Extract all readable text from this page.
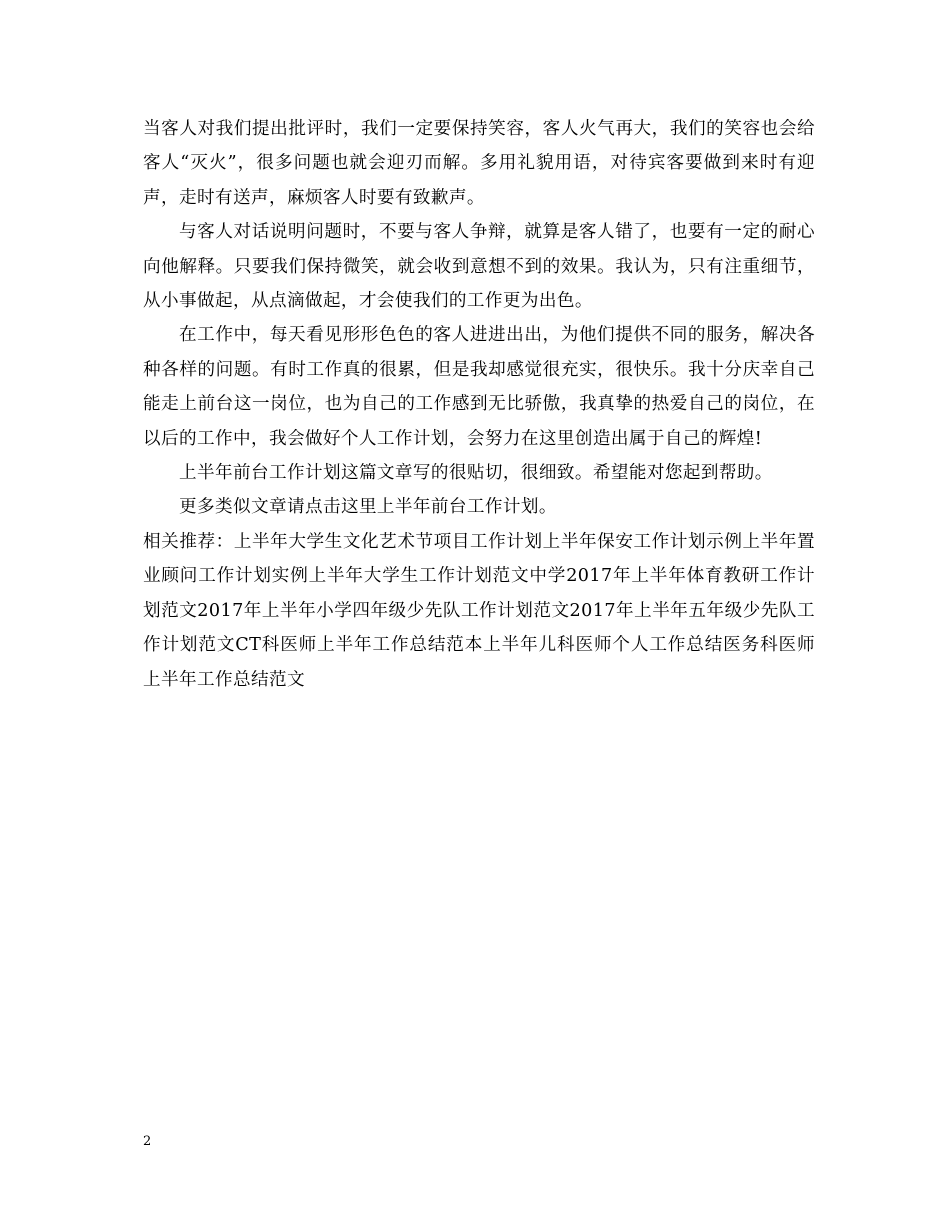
当客人对我们提出批评时，我们一定要保持笑容，客人火气再大，我们的笑容也会给客人“灭火”，很多问题也就会迎刃而解。多用礼貌用语，对待宾客要做到来时有迎声，走时有送声，麻烦客人时要有致歉声。

与客人对话说明问题时，不要与客人争辩，就算是客人错了，也要有一定的耐心向他解释。只要我们保持微笑，就会收到意想不到的效果。我认为，只有注重细节，从小事做起，从点滴做起，才会使我们的工作更为出色。

在工作中，每天看见形形色色的客人进进出出，为他们提供不同的服务，解决各种各样的问题。有时工作真的很累，但是我却感觉很充实，很快乐。我十分庆幸自己能走上前台这一岗位，也为自己的工作感到无比骄傲，我真挚的热爱自己的岗位，在以后的工作中，我会做好个人工作计划，会努力在这里创造出属于自己的辉煌!

上半年前台工作计划这篇文章写的很贴切，很细致。希望能对您起到帮助。

更多类似文章请点击这里上半年前台工作计划。

相关推荐：上半年大学生文化艺术节项目工作计划上半年保安工作计划示例上半年置业顾问工作计划实例上半年大学生工作计划范文中学2017年上半年体育教研工作计划范文2017年上半年小学四年级少先队工作计划范文2017年上半年五年级少先队工作计划范文CT科医师上半年工作总结范本上半年儿科医师个人工作总结医务科医师上半年工作总结范文

2
